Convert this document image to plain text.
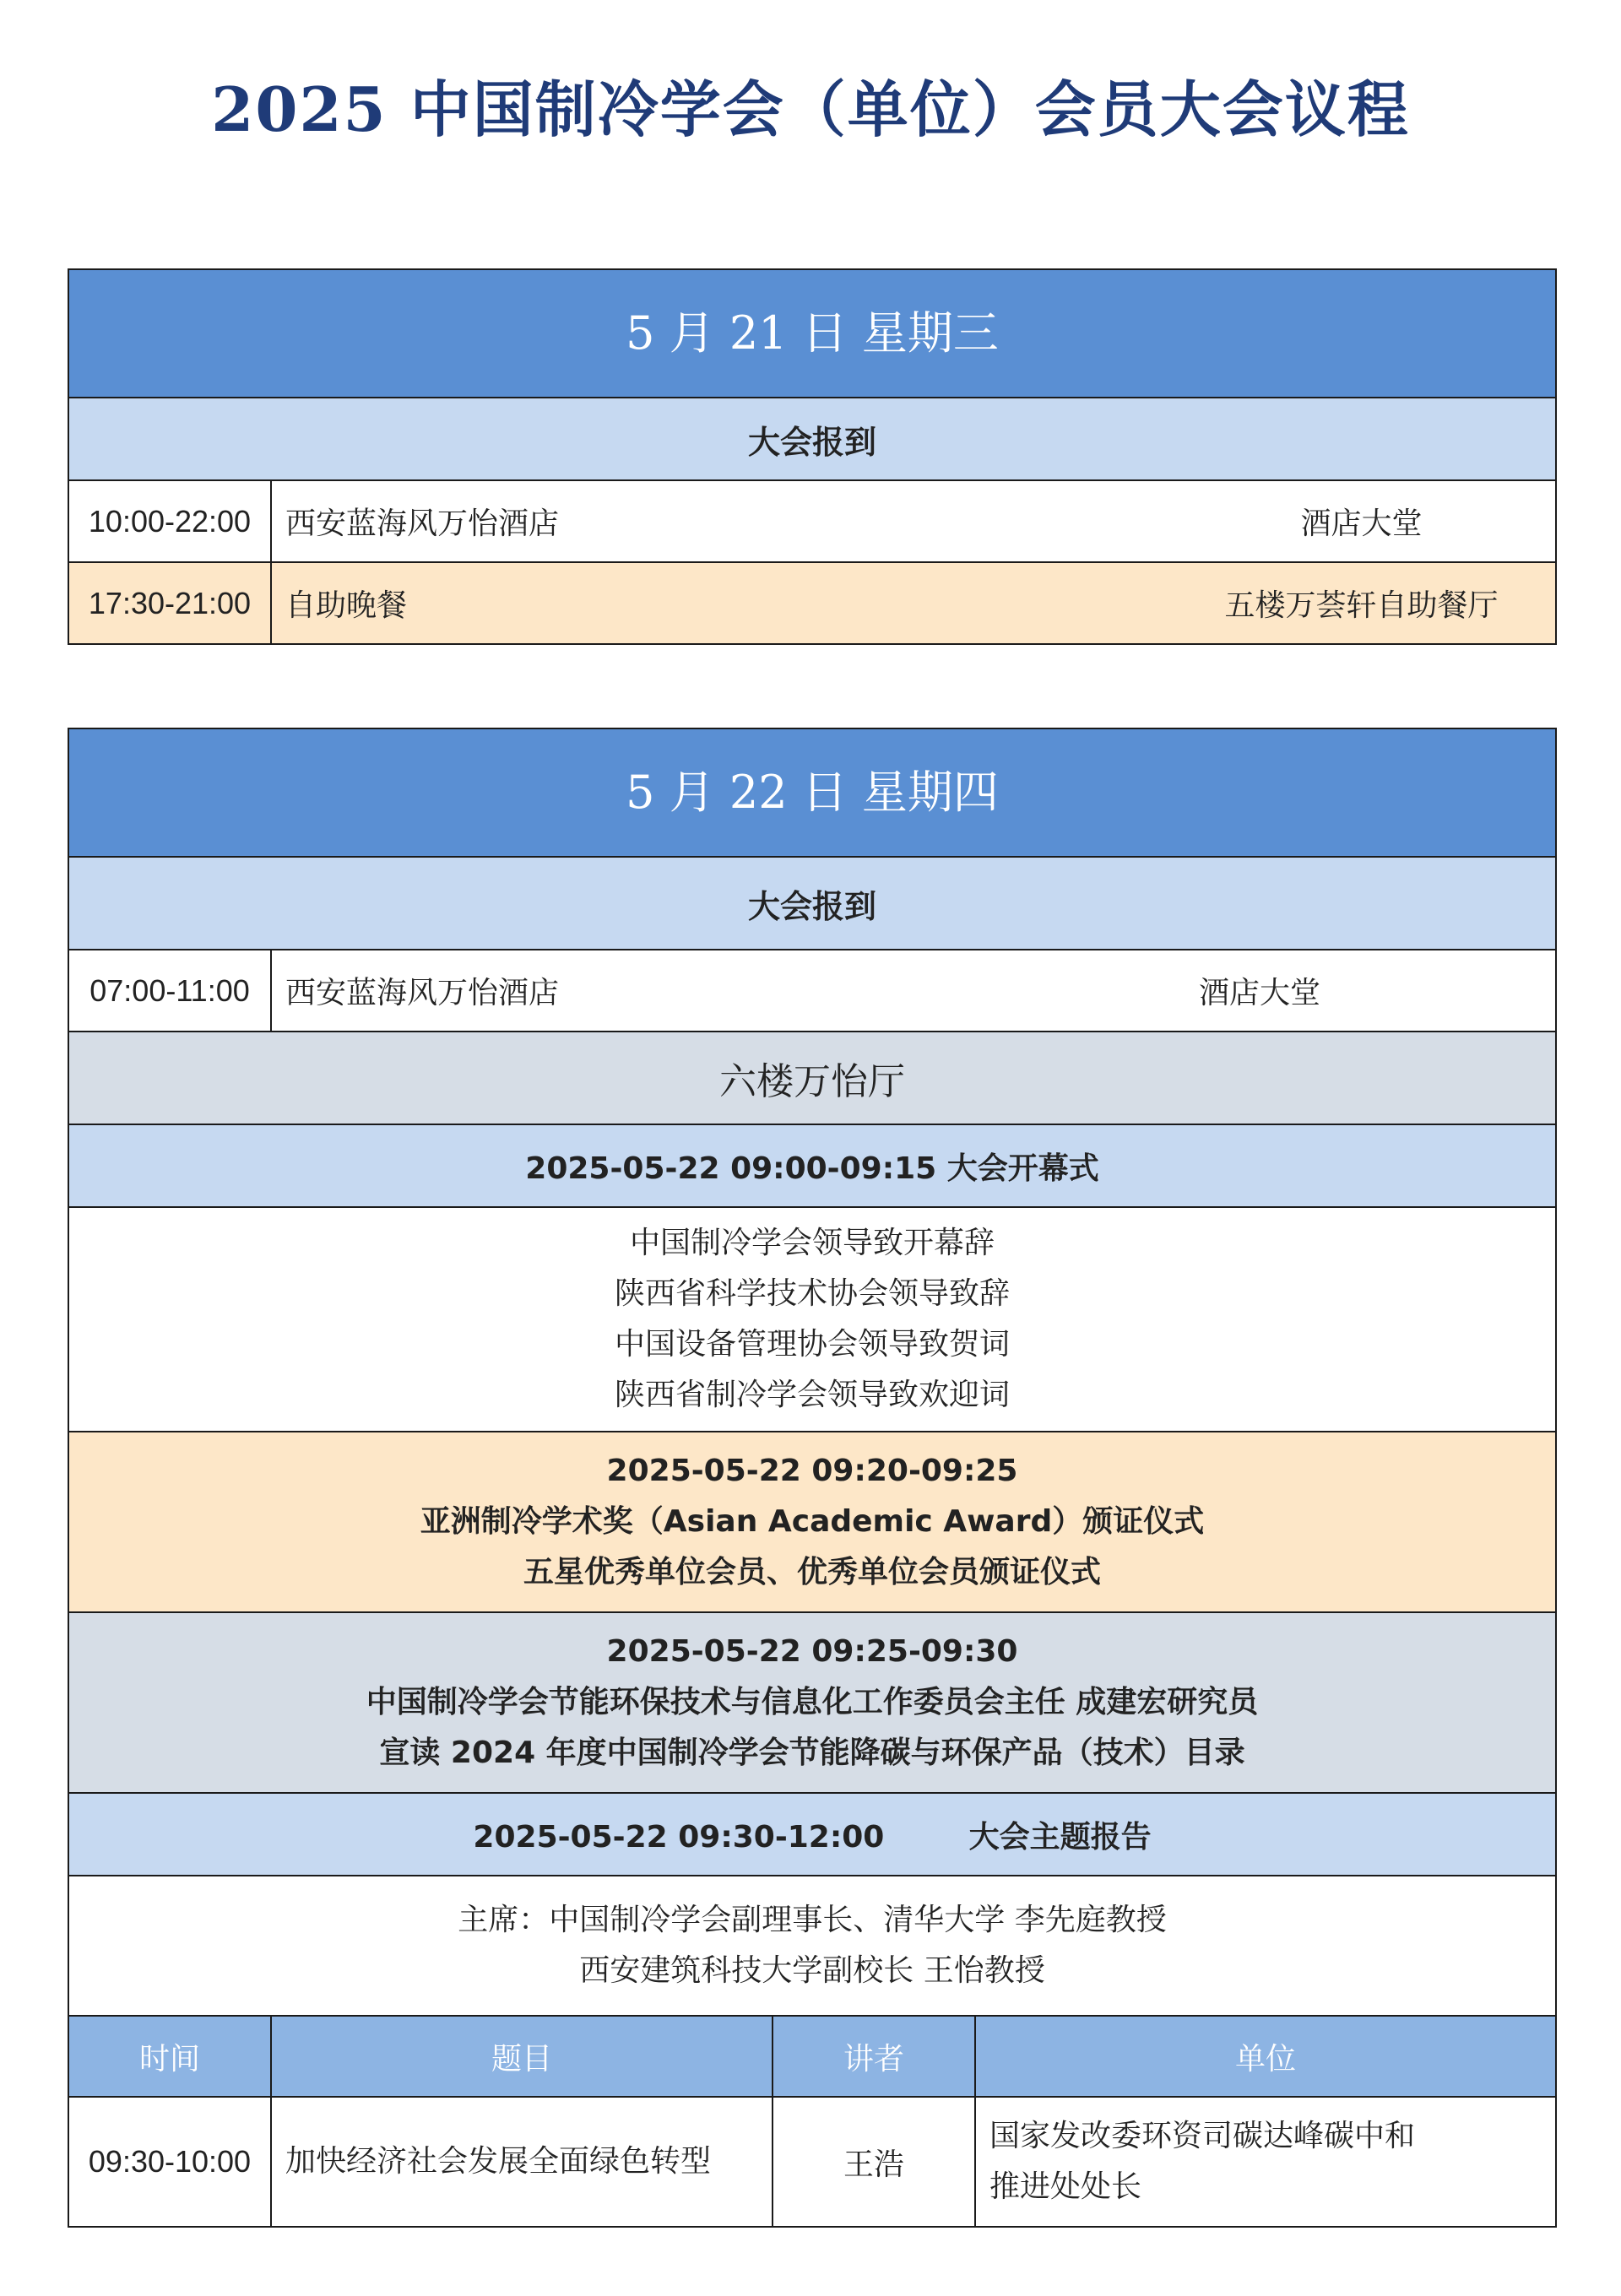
2025 中国制冷学会（单位）会员大会议程
5 月 21 日 星期三		
大会报到		
10:00-22:00	西安蓝海风万怡酒店	酒店大堂
17:30-21:00	自助晚餐	五楼万荟轩自助餐厅
5 月 22 日 星期四			
大会报到			
07:00-11:00	西安蓝海风万怡酒店		酒店大堂
六楼万怡厅			
2025-05-22 09:00-09:15 大会开幕式			

中国制冷学会领导致开幕辞
陕西省科学技术协会领导致辞
中国设备管理协会领导致贺词
陕西省制冷学会领导致欢迎词			

2025-05-22 09:20-09:25
亚洲制冷学术奖（Asian Academic Award）颁证仪式
五星优秀单位会员、优秀单位会员颁证仪式			

2025-05-22 09:25-09:30
中国制冷学会节能环保技术与信息化工作委员会主任 成建宏研究员
宣读 2024 年度中国制冷学会节能降碳与环保产品（技术）目录			

2025-05-22 09:30-12:00        大会主题报告			

主席：中国制冷学会副理事长、清华大学 李先庭教授
西安建筑科技大学副校长 王怡教授			

时间	题目	讲者	单位
09:30-10:00	加快经济社会发展全面绿色转型	王浩	国家发改委环资司碳达峰碳中和
推进处处长
